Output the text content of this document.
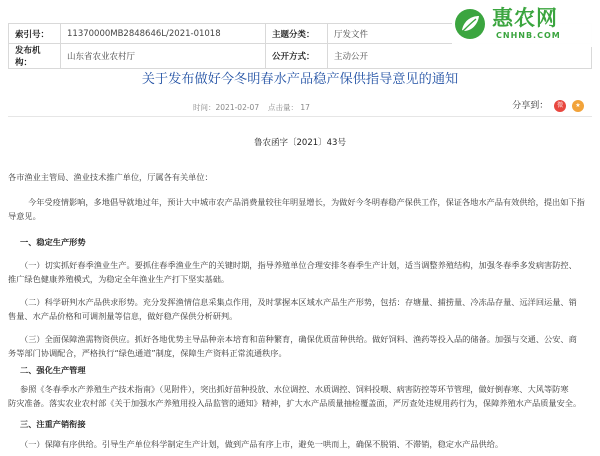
索引号：	11370000MB2848646L/2021-01018	主题分类：	厅发文件
发布机构：	山东省农业农村厅	公开方式：	主动公开
惠农网
CNHNB.COM
关于发布做好今冬明春水产品稳产保供指导意见的通知
时间：2021-02-07 点击量： 17	分享到： 微 ★
鲁农函字〔2021〕43号
各市渔业主管局、渔业技术推广单位，厅属各有关单位：
今年受疫情影响，多地倡导就地过年，预计大中城市农产品消费量较往年明显增长，为做好今冬明春稳产保供工作，保证各地水产品有效供给，提出如下指
导意见。
一、稳定生产形势
（一）切实抓好春季渔业生产。要抓住春季渔业生产的关键时期，指导养殖单位合理安排冬春季生产计划，适当调整养殖结构，加强冬春季多发病害防控、
推广绿色健康养殖模式，为稳定全年渔业生产打下坚实基础。
（二）科学研判水产品供求形势。充分发挥渔情信息采集点作用，及时掌握本区域水产品生产形势，包括：存塘量、捕捞量、冷冻品存量、远洋回运量、销
售量、水产品价格和可调剂量等信息，做好稳产保供分析研判。
（三）全面保障渔需物资供应。抓好各地优势主导品种亲本培育和苗种繁育，确保优质苗种供给。做好饲料、渔药等投入品的储备。加强与交通、公安、商
务等部门协调配合，严格执行“绿色通道”制度，保障生产资料正常流通秩序。
二、强化生产管理
参照《冬春季水产养殖生产技术指南》（见附件），突出抓好苗种投放、水位调控、水质调控、饲料投喂、病害防控等环节管理，做好倒春寒、大风等防寒
防灾准备。落实农业农村部《关于加强水产养殖用投入品监管的通知》精神，扩大水产品质量抽检覆盖面，严厉查处违规用药行为，保障养殖水产品质量安全。
三、注重产销衔接
（一）保障有序供给。引导生产单位科学制定生产计划，做到产品有序上市，避免一哄而上，确保不脱销、不滞销，稳定水产品供给。
